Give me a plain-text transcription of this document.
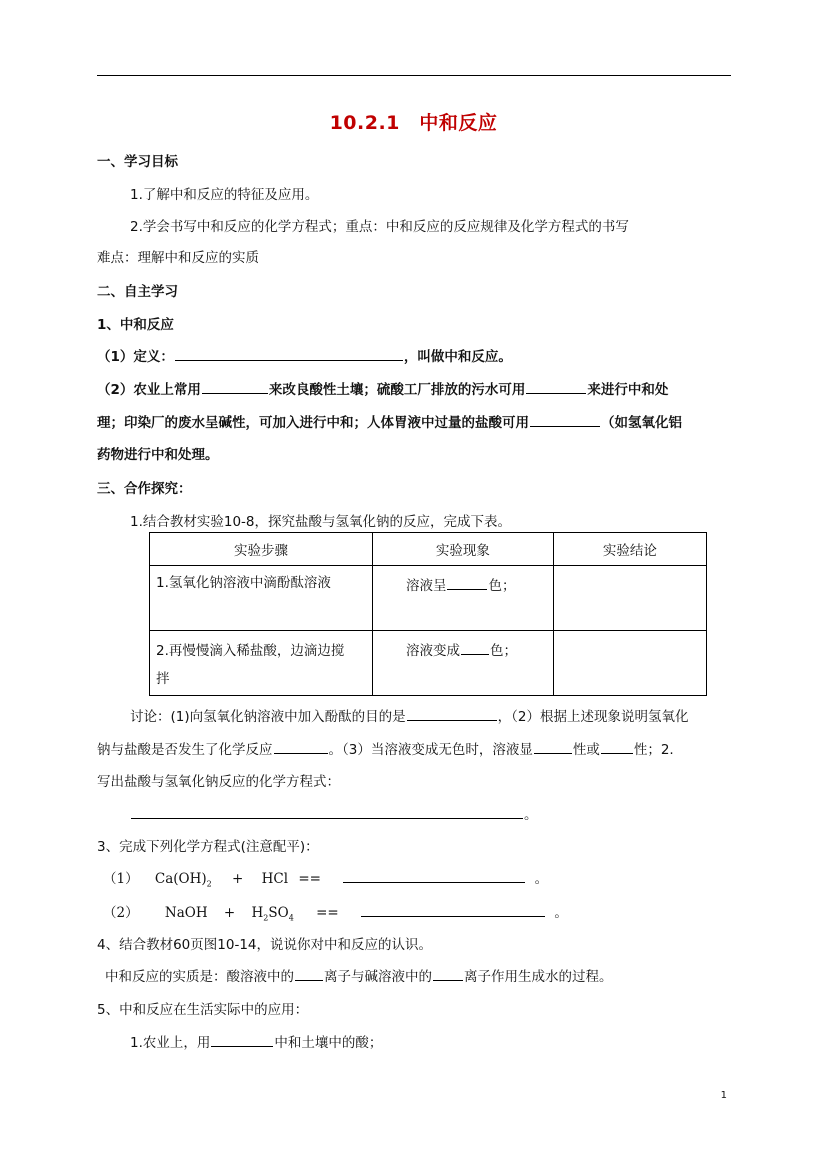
10.2.1　中和反应
一、学习目标
1.了解中和反应的特征及应用。
2.学会书写中和反应的化学方程式；重点：中和反应的反应规律及化学方程式的书写
难点：理解中和反应的实质
二、自主学习
1、中和反应
（1）定义：	，叫做中和反应。
（2）农业上常用	来改良酸性土壤；硫酸工厂排放的污水可用	来进行中和处
理；印染厂的废水呈碱性，可加入进行中和；人体胃液中过量的盐酸可用	（如氢氧化铝
药物进行中和处理。
三、合作探究：
1.结合教材实验10-8，探究盐酸与氢氧化钠的反应，完成下表。
实验步骤	实验现象	实验结论

1.氢氧化钠溶液中滴酚酞溶液	溶液呈 色；	

2.再慢慢滴入稀盐酸，边滴边搅
拌	溶液变成 色；	

讨论：(1)向氢氧化钠溶液中加入酚酞的目的是	，（2）根据上述现象说明氢氧化
钠与盐酸是否发生了化学反应	。（3）当溶液变成无色时，溶液显	性或	性；2.
写出盐酸与氢氧化钠反应的化学方程式：
。
3、完成下列化学方程式(注意配平)：
（1） $Ca(OH)_2$ + HCl ==	。
（2） NaOH + $H_2SO_4$ ==	。
4、结合教材60页图10-14，说说你对中和反应的认识。
中和反应的实质是：酸溶液中的 离子与碱溶液中的 离子作用生成水的过程。
5、中和反应在生活实际中的应用：
1.农业上，用	中和土壤中的酸；
1
